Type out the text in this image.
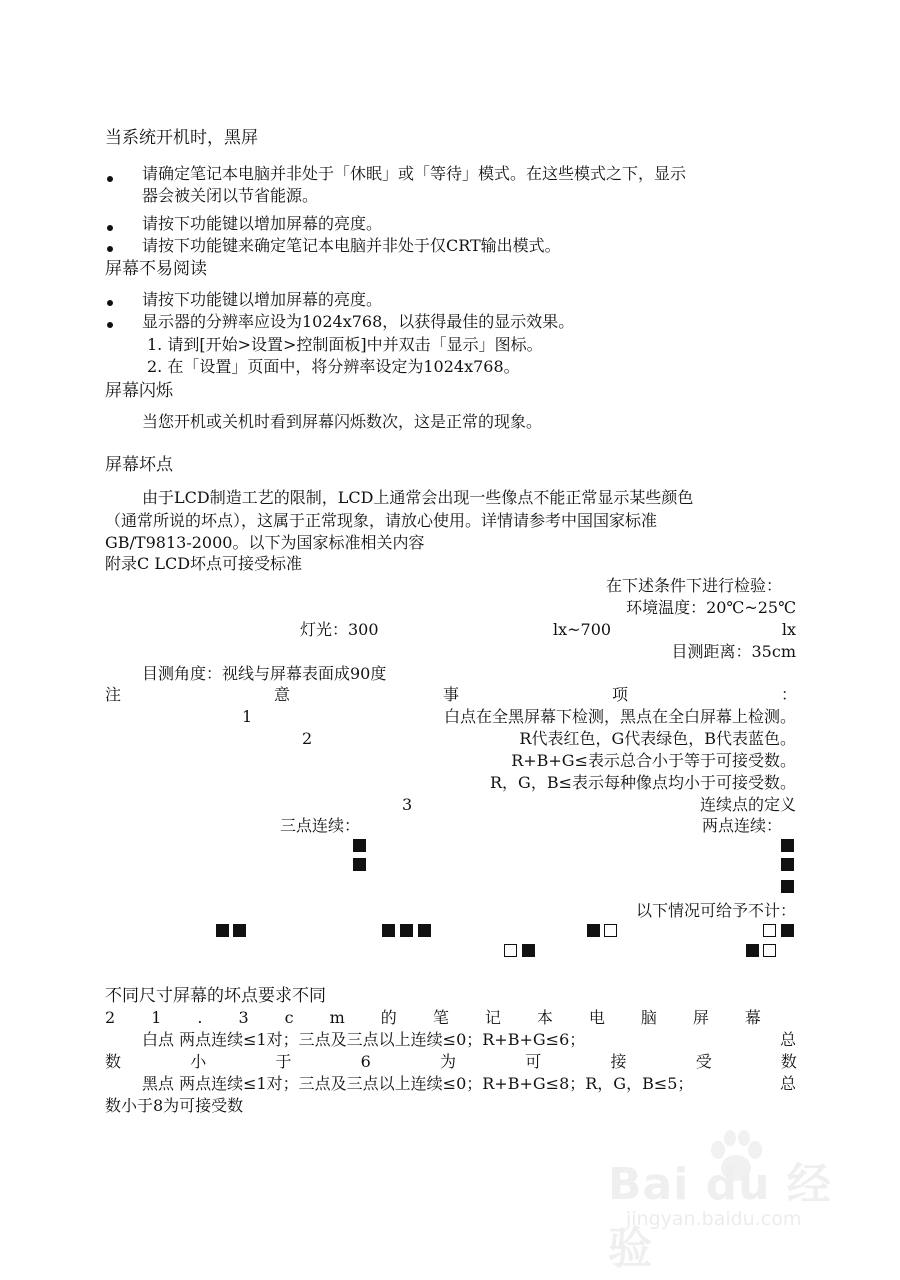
当系统开机时，黑屏
请确定笔记本电脑并非处于「休眠」或「等待」模式。在这些模式之下，显示
器会被关闭以节省能源。
请按下功能键以增加屏幕的亮度。
请按下功能键来确定笔记本电脑并非处于仅CRT输出模式。
屏幕不易阅读
请按下功能键以增加屏幕的亮度。
显示器的分辨率应设为1024x768，以获得最佳的显示效果。
1. 请到[开始>设置>控制面板]中并双击「显示」图标。
2. 在「设置」页面中，将分辨率设定为1024x768。
屏幕闪烁
当您开机或关机时看到屏幕闪烁数次，这是正常的现象。
屏幕坏点
由于LCD制造工艺的限制，LCD上通常会出现一些像点不能正常显示某些颜色
（通常所说的坏点），这属于正常现象，请放心使用。详情请参考中国国家标准
GB/T9813-2000。以下为国家标准相关内容
附录C LCD坏点可接受标准
在下述条件下进行检验：
环境温度：20℃~25℃
灯光：300	lx~700	lx
目测距离：35cm
目测角度：视线与屏幕表面成90度
注	意	事	项	：
1	白点在全黑屏幕下检测，黑点在全白屏幕上检测。
2	R代表红色，G代表绿色，B代表蓝色。
R+B+G≤表示总合小于等于可接受数。
R，G，B≤表示每种像点均小于可接受数。
3	连续点的定义
三点连续：	两点连续：
以下情况可给予不计：
不同尺寸屏幕的坏点要求不同
2 1 . 3 c m 的 笔 记 本 电 脑 屏 幕
白点 两点连续≤1对；三点及三点以上连续≤0；R+B+G≤6；	总
数	小	于	6	为	可	接	受	数
黑点 两点连续≤1对；三点及三点以上连续≤0；R+B+G≤8；R，G，B≤5；	总
数小于8为可接受数
Bai du 经验
jingyan.baidu.com
